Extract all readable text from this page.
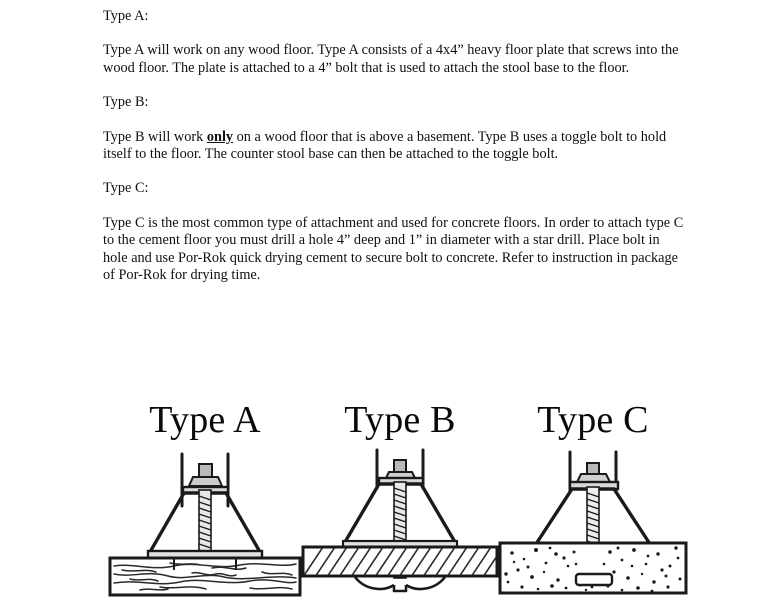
Type A:

Type A will work on any wood floor. Type A consists of a 4x4” heavy floor plate that screws into the wood floor. The plate is attached to a 4” bolt that is used to attach the stool base to the floor.

Type B:

Type B will work only on a wood floor that is above a basement. Type B uses a toggle bolt to hold itself to the floor. The counter stool base can then be attached to the toggle bolt.

Type C:

Type C is the most common type of attachment and used for concrete floors. In order to attach type C to the cement floor you must drill a hole 4” deep and 1” in diameter with a star drill. Place bolt in hole and use Por-Rok quick drying cement to secure bolt to concrete. Refer to instruction in package of Por-Rok for drying time.

Type A	Type B	Type C
